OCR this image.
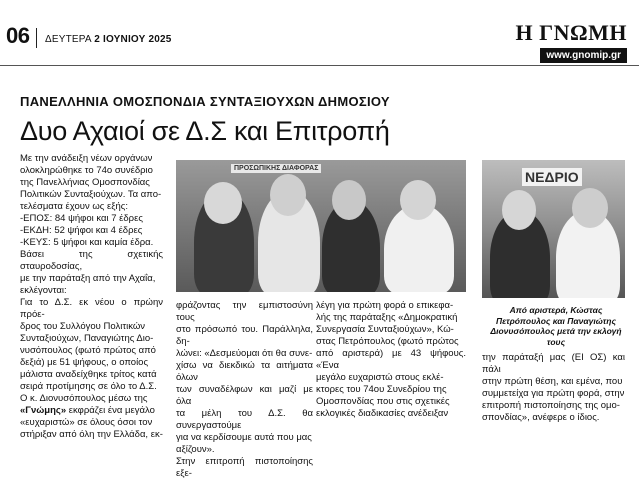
06 ΔΕΥΤΕΡΑ 2 ΙΟΥΝΙΟΥ 2025	Η ΓΝΩΜΗ
www.gnomip.gr
ΠΑΝΕΛΛΗΝΙΑ ΟΜΟΣΠΟΝΔΙΑ ΣΥΝΤΑΞΙΟΥΧΩΝ ΔΗΜΟΣΙΟΥ
Δυο Αχαιοί σε Δ.Σ και Επιτροπή
Με την ανάδειξη νέων οργάνων
ολοκληρώθηκε το 74ο συνέδριο
της Πανελλήνιας Ομοσπονδίας
Πολιτικών Συνταξιούχων. Τα απο-
τελέσματα έχουν ως εξής:
-ΕΠΟΣ: 84 ψήφοι και 7 έδρες
-ΕΚΔΗ: 52 ψήφοι και 4 έδρες
-ΚΕΥΣ: 5 ψήφοι και καμία έδρα.
Βάσει της σχετικής σταυροδοσίας,
με την παράταξη από την Αχαΐα,
εκλέγονται:
Για το Δ.Σ. εκ νέου ο πρώην πρόε-
δρος του Συλλόγου Πολιτικών
Συνταξιούχων, Παναγιώτης Διο-
νυσόπουλος (φωτό πρώτος από
δεξιά) με 51 ψήφους, ο οποίος
μάλιστα αναδείχθηκε τρίτος κατά
σειρά προτίμησης σε όλο το Δ.Σ.
Ο κ. Διονυσόπουλος μέσω της
«Γνώμης» εκφράζει ένα μεγάλο
«ευχαριστώ» σε όλους όσοι τον
στήριξαν από όλη την Ελλάδα, εκ-
ΠΡΟΣΩΠΙΚΗΣ ΔΙΑΦΟΡΑΣ
ΝΕΔΡΙΟ
Από αριστερά, Κώστας Πετρόπουλος και Παναγιώτης Διονυσόπουλος μετά την εκλογή τους
φράζοντας την εμπιστοσύνη τους
στο πρόσωπό του. Παράλληλα, δη-
λώνει: «Δεσμεύομαι ότι θα συνε-
χίσω να διεκδικώ τα αιτήματα όλων
των συναδέλφων και μαζί με όλα
τα μέλη του Δ.Σ. θα συνεργαστούμε
για να κερδίσουμε αυτά που μας
αξίζουν».
Στην επιτροπή πιστοποίησης εξε-
λέγη για πρώτη φορά ο επικεφα-
λής της παράταξης «Δημοκρατική
Συνεργασία Συνταξιούχων», Κώ-
στας Πετρόπουλος (φωτό πρώτος
από αριστερά) με 43 ψήφους. «Ένα
μεγάλο ευχαριστώ στους εκλέ-
κτορες του 74ου Συνεδρίου της
Ομοσπονδίας που στις σχετικές
εκλογικές διαδικασίες ανέδειξαν
την παράταξή μας (ΕΙ ΟΣ) και πάλι
στην πρώτη θέση, και εμένα, που
συμμετείχα για πρώτη φορά, στην
επιτροπή πιστοποίησης της ομο-
σπονδίας», ανέφερε ο ίδιος.
